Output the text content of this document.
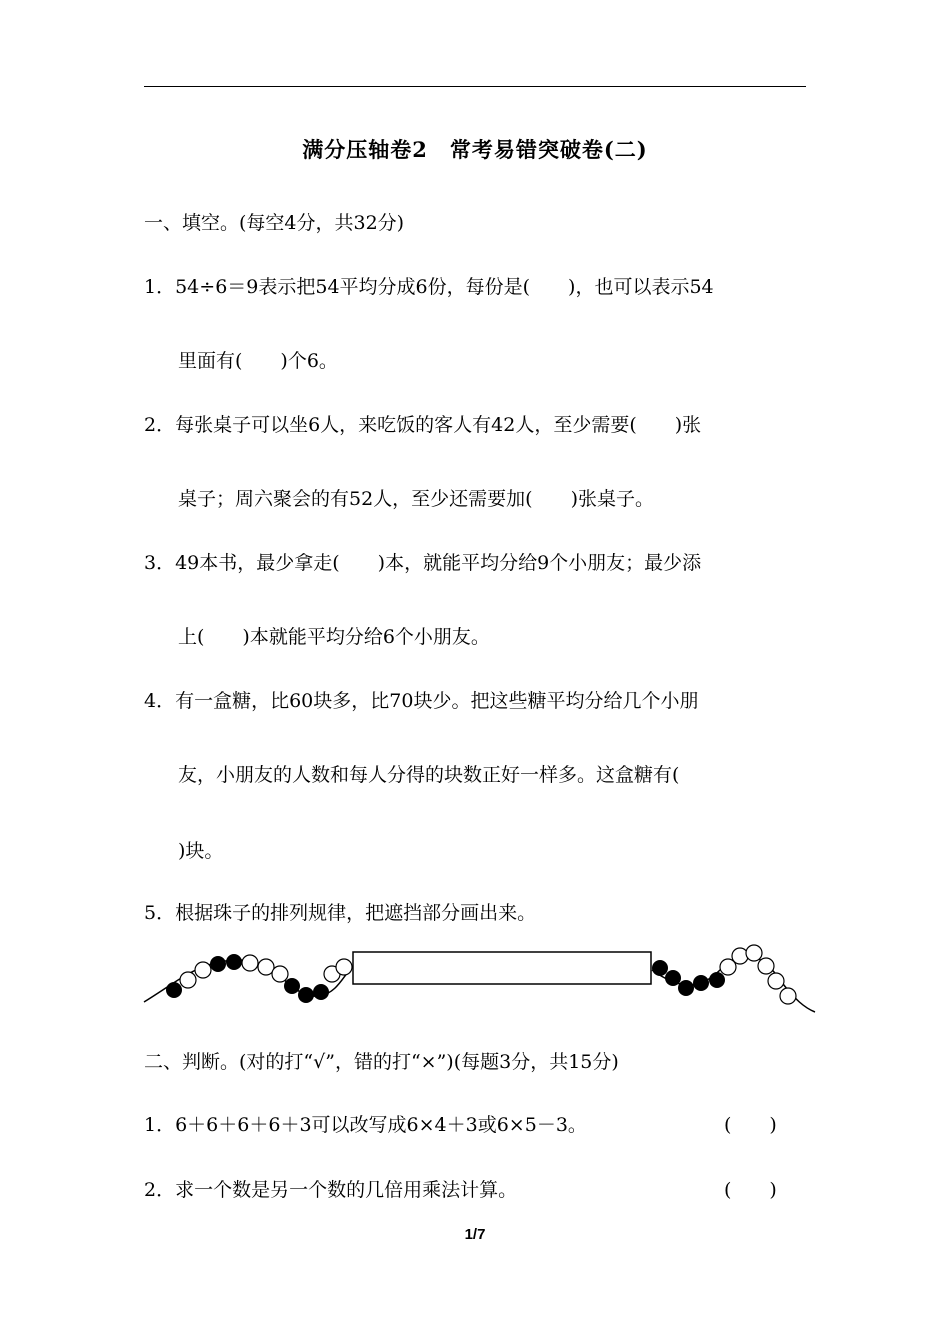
满分压轴卷2　常考易错突破卷(二)
一、填空。(每空4分，共32分)
1．54÷6＝9表示把54平均分成6份，每份是(　　)，也可以表示54
里面有(　　)个6。
2．每张桌子可以坐6人，来吃饭的客人有42人，至少需要(　　)张
桌子；周六聚会的有52人，至少还需要加(　　)张桌子。
3．49本书，最少拿走(　　)本，就能平均分给9个小朋友；最少添
上(　　)本就能平均分给6个小朋友。
4．有一盒糖，比60块多，比70块少。把这些糖平均分给几个小朋
友，小朋友的人数和每人分得的块数正好一样多。这盒糖有(
)块。
5．根据珠子的排列规律，把遮挡部分画出来。
二、判断。(对的打“√”，错的打“×”)(每题3分，共15分)
1．6＋6＋6＋6＋3可以改写成6×4＋3或6×5－3。	(　　)
2．求一个数是另一个数的几倍用乘法计算。	(　　)
1/7
